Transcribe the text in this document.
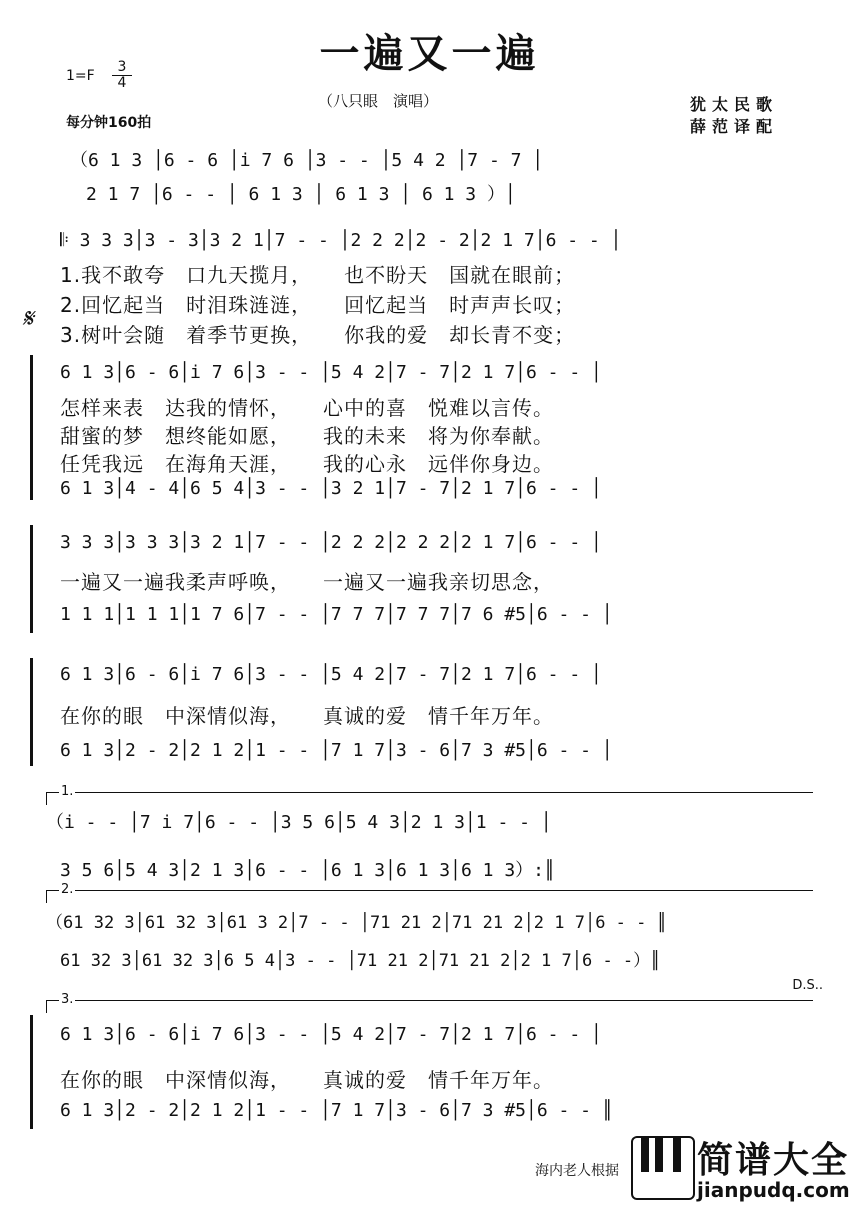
一遍又一遍
1=F
3
4
每分钟160拍
（八只眼　演唱）	犹太民歌
薛范译配
（6 1 3 │6 - 6 │i 7 6 │3 - - │5 4 2 │7 - 7 │
2 1 7 │6 - - │ 6 1 3 │ 6 1 3 │ 6 1 3 ）│
𝄆 3 3 3│3 - 3│3 2 1│7 - - │2 2 2│2 - 2│2 1 7│6 - - │
1.我不敢夸　口九天揽月，　　也不盼天　国就在眼前；
2.回忆起当　时泪珠涟涟，　　回忆起当　时声声长叹；
𝄋
3.树叶会随　着季节更换，　　你我的爱　却长青不变；
6 1 3│6 - 6│i 7 6│3 - - │5 4 2│7 - 7│2 1 7│6 - - │
怎样来表　达我的情怀，　　心中的喜　悦难以言传。
甜蜜的梦　想终能如愿，　　我的未来　将为你奉献。
任凭我远　在海角天涯，　　我的心永　远伴你身边。
6 1 3│4 - 4│6 5 4│3 - - │3 2 1│7 - 7│2 1 7│6 - - │
3 3 3│3 3 3│3 2 1│7 - - │2 2 2│2 2 2│2 1 7│6 - - │
一遍又一遍我柔声呼唤，　　一遍又一遍我亲切思念，
1 1 1│1 1 1│1 7 6│7 - - │7 7 7│7 7 7│7 6 #5│6 - - │
6 1 3│6 - 6│i 7 6│3 - - │5 4 2│7 - 7│2 1 7│6 - - │
在你的眼　中深情似海，　　真诚的爱　情千年万年。
6 1 3│2 - 2│2 1 2│1 - - │7 1 7│3 - 6│7 3 #5│6 - - │
1.
（i - - │7 i 7│6 - - │3 5 6│5 4 3│2 1 3│1 - - │
3 5 6│5 4 3│2 1 3│6 - - │6 1 3│6 1 3│6 1 3）:║
2.
（61 32 3│61 32 3│61 3 2│7 - - │71 21 2│71 21 2│2 1 7│6 - - ║
61 32 3│61 32 3│6 5 4│3 - - │71 21 2│71 21 2│2 1 7│6 - -）║
D.S..
3.
6 1 3│6 - 6│i 7 6│3 - - │5 4 2│7 - 7│2 1 7│6 - - │
在你的眼　中深情似海，　　真诚的爱　情千年万年。
6 1 3│2 - 2│2 1 2│1 - - │7 1 7│3 - 6│7 3 #5│6 - - ║
海内老人根据 简谱大全
jianpudq.com
